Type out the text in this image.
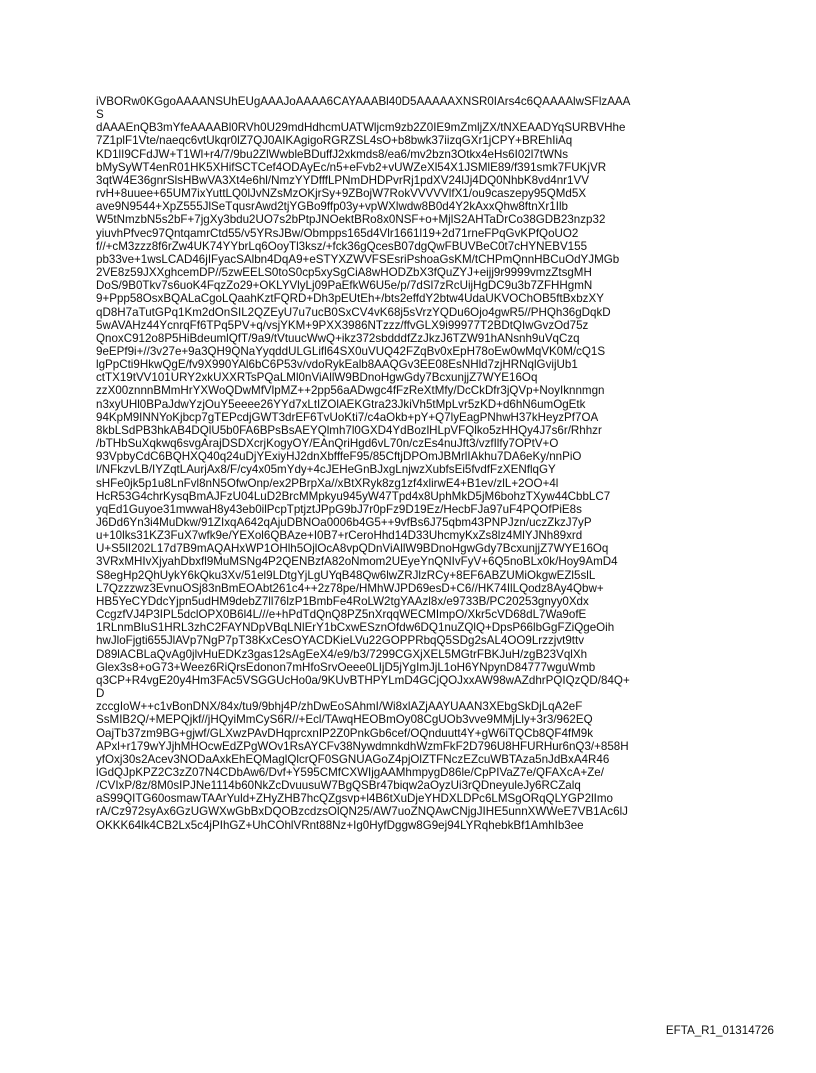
iVBORw0KGgoAAAANSUhEUgAAAJoAAAA6CAYAAABl40D5AAAAAXNSR0IArs4c6QAAAAlwSFlzAAA
S
dAAAEnQB3mYfeAAAABl0RVh0U29mdHdhcmUATWljcm9zb2Z0IE9mZmljZX/tNXEAADYqSURBVHhe
7Z1plF1Vte/naeqc6vtUkqr0lZ7QJ0AIKAgigoRGRZSL4sO+b8bwk37iizqGXr1jCPY+BREhIiAq
KD1lI9CFdJW+T1Wl+r4/7/9bu2ZlWwbleBDuffJ2xkmds8/ea6/mv2bzn3Otkx4eHs6I02l7tWNs
bMySyWT4enR01HK5XHifSCTCef4ODAyEc/n5+eFvb2+vUWZeXl54X1JSMlE89/f391smk7FUKjVR
3qtW4E36gnrSlsHBwVA3Xt4e6hl/NmzYYDfffLPNmDHDPvrRj1pdXV24lJj4DQ0NhbK8vd4nr1VV
rvH+8uuee+65UM7ixYuttLQ0lJvNZsMzOKjrSy+9ZBojW7RokVVVVVlfX1/ou9caszepy95QMd5X
ave9N9544+XpZ555JlSeTqusrAwd2tjYGBo9ffp03y+vpWXlwdw8B0d4Y2kAxxQhw8ftnXr1Ilb
W5tNmzbN5s2bF+7jgXy3bdu2UO7s2bPtpJNOektBRo8x0NSF+o+MjlS2AHTaDrCo38GDB23nzp32
yiuvhPfvec97QntqamrCtd55/v5YRsJBw/Obmpps165d4Vlr1661l19+2d71rneFPqGvKPfQoUO2
f//+cM3zzz8f6rZw4UK74YYbrLq6OoyTl3ksz/+fck36gQcesB07dgQwFBUVBeC0t7cHYNEBV155
pb33ve+1wsLCAD46jIFyacSAlbn4DqA9+eSTYXZWVFSEsriPshoaGsKM/tCHPmQnnHBCuOdYJMGb
2VE8z59JXXghcemDP//5zwEELS0toS0cp5xySgCiA8wHODZbX3fQuZYJ+eijj9r9999vmzZtsgMH
DoS/9B0Tkv7s6uoK4FqzZo29+OKLYVlyLj09PaEfkW6U5e/p/7dSl7zRcUijHgDC9u3b7ZFHHgmN
9+Ppp58OsxBQALaCgoLQaahKztFQRD+Dh3pEUtEh+/bts2effdY2btw4UdaUKVOChOB5ftBxbzXY
qD8H7aTutGPq1Km2dOnSIL2QZEyU7u7ucB0SxCV4vK68j5sVrzYQDu6Ojo4gwR5//PHQh36gDqkD
5wAVAHz44YcnrqFf6TPq5PV+q/vsjYKM+9PXX3986NTzzz/ffvGLX9i99977T2BDtQIwGvzOd75z
QnoxC912o8P5HiBdeumlQfT/9a9/tVtuucWwQ+ikz372sbdddfZzJkzJ6TZW91hANsnh9uVqCzq
9eEPf9i+//3v27e+9a3QH9QNaYyqddULGLifl64SX0uVUQ42FZqBv0xEpH78oEw0wMqVK0M/cQ1S
lgPpCti9HkwQgE/fv9X990YAl6bC6P53v/vdoRykEalb8AAQGv3EE08EsNHld7zjHRNqlGvijUb1
ctTX19tVV101URY2xkUXXRTsPQaLMl0nViAllW9BDnoHgwGdy7BcxunjjZ7WYE16Oq
zzX00znnnBMmHrYXWoQDwMfVlpMZ++2pp56aADwgc4fFzReXtMfy/DcCkDfr3jQVp+NoyIknnmgn
n3xyUHl0BPaJdwYzjOuY5eeee26YYd7xLtIZOlAEKGtra23JkiVh5tMpLvr5zKD+d6hN6umOgEtk
94KpM9INNYoKjbcp7gTEPcdjGWT3drEF6TvUoKti7/c4aOkb+pY+Q7lyEagPNhwH37kHeyzPf7OA
8kbLSdPB3hkAB4DQlU5b0FA6BPsBsAEYQlmh7l0GXD4YdBozlHLpVFQlko5zHHQy4J7s6r/Rhhzr
/bTHbSuXqkwq6svgArajDSDXcrjKogyOY/EAnQriHgd6vL70n/czEs4nuJft3/vzfIlfy7OPtV+O
93VpbyCdC6BQHXQ40q24uDjYExiyHJ2dnXbfffeF95/85CftjDPOmJBMrlIAkhu7DA6eKy/nnPiO
l/NFkzvLB/IYZqtLAurjAx8/F/cy4x05mYdy+4cJEHeGnBJxgLnjwzXubfsEi5fvdfFzXENflqGY
sHFe0jk5p1u8LnFvl8nN5OfwOnp/ex2PBrpXa//xBtXRyk8zg1zf4xlirwE4+B1ev/zlL+2OO+4l
HcR53G4chrKysqBmAJFzU04LuD2BrcMMpkyu945yW47Tpd4x8UphMkD5jM6bohzTXyw44CbbLC7
yqEd1Guyoe31mwwaH8y43eb0ilPcpTptjztJPpG9bJ7r0pFz9D19Ez/HecbFJa97uF4PQOfPiE8s
J6Dd6Yn3i4MuDkw/91ZIxqA642qAjuDBNOa0006b4G5++9vfBs6J75qbm43PNPJzn/uczZkzJ7yP
u+10lks31KZ3FuX7wfk9e/YEXol6QBAze+I0B7+rCeroHhd14D33UhcmyKxZs8lz4MlYJNh89xrd
U+S5lI202L17d7B9mAQAHxWP1OHlh5OjlOcA8vpQDnViAllW9BDnoHgwGdy7BcxunjjZ7WYE16Oq
3VRxMHIvXjyahDbxfl9MuMSNg4P2QENBzfA82oNmom2UEyeYnQNIvFyV+6Q5noBLx0k/Hoy9AmD4
S8egHp2QhUykY6kQku3Xv/51el9LDtgYjLgUYqB48Qw6lwZRJlzRCy+8EF6ABZUMiOkgwEZl5slL
L7Qzzzwz3EvnuOSj83nBmEOAbt261c4++2z78pe/HMhWJPD69esD+C6//HK74IlLQodz8Ay4Qbw+
HB5YeCYDdcYjpn5udHM9debZ7ll76lzP1BmbFe4RoLW2tgYAAzl8x/e9733B/PC20253gnyy0Xdx
CcgzfVJ4P3IPL5dclOPX0B6l4L///e+hPdTdQnQ8PZ5nXrqqWECMImpO/Xkr5cVD68dL7Wa9ofE
1RLnmBluS1HRL3zhC2FAYNDpVBqLNlErY1bCxwESznOfdw6DQ1nuZQlQ+DpsP66lbGgFZiQgeOih
hwJloFjgti655JlAVp7NgP7pT38KxCesOYACDKieLVu22GOPPRbqQ5SDg2sAL4OO9Lrzzjvt9ttv
D89lACBLaQvAg0jlvHuEDKz3gas12sAgEeX4/e9/b3/7299CGXjXEL5MGtrFBKJuH/zgB23VqlXh
Glex3s8+oG73+Weez6RiQrsEdonon7mHfoSrvOeee0LIjD5jYgImJjL1oH6YNpynD84777wguWmb
q3CP+R4vgE20y4Hm3FAc5VSGGUcHo0a/9KUvBTHPYLmD4GCjQOJxxAW98wAZdhrPQIQzQD/84Q+
D
zccgIoW++c1vBonDNX/84x/tu9/9bhj4P/zhDwEoSAhmI/Wi8xlAZjAAYUAAN3XEbgSkDjLqA2eF
SsMIB2Q/+MEPQjkf//jHQyiMmCyS6R//+Ecl/TAwqHEOBmOy08CgUOb3vve9MMjLly+3r3/962EQ
OajTb37zm9BG+gjwf/GLXwzPAvDHqprcxnIP2Z0PnkGb6cef/OQnduutt4Y+gW6iTQCb8QF4fM9k
APxl+r179wYJjhMHOcwEdZPgWOv1RsAYCFv38NywdmnkdhWzmFkF2D796U8HFURHur6nQ3/+858H
yfOxj30s2Acev3NODaAxkEhEQMaglQlcrQF0SGNUAGoZ4pjOlZTFNczEZcuWBTAza5nJdBxA4R46
lGdQJpKPZ2C3zZ07N4CDbAw6/Dvf+Y595CMfCXWIjgAAMhmpygD86le/CpPIVaZ7e/QFAXcA+Ze/
/CVIxP/8z/8M0sIPJNe1114b60NkZcDvuusuW7BgQSBr47biqw2aOyzUi3rQDneyuleJy6RCZalq
aS99QITG60osmawTAArYuld+ZHyZHB7hcQZgsvp+l4B6tXuDjeYHDXLDPc6LMSgORqQLYGP2lImo
rA/Cz972syAx6GzUGWXwGbBxDQOBzcdzsOlQN25/AW7uoZNQAwCNjgJIHE5unnXWWeE7VB1Ac6lJ
OKKK64lk4CB2Lx5c4jPIhGZ+UhCOhlVRnt88Nz+Ig0HyfDggw8G9ej94LYRqhebkBf1AmhIb3ee
EFTA_R1_01314726
